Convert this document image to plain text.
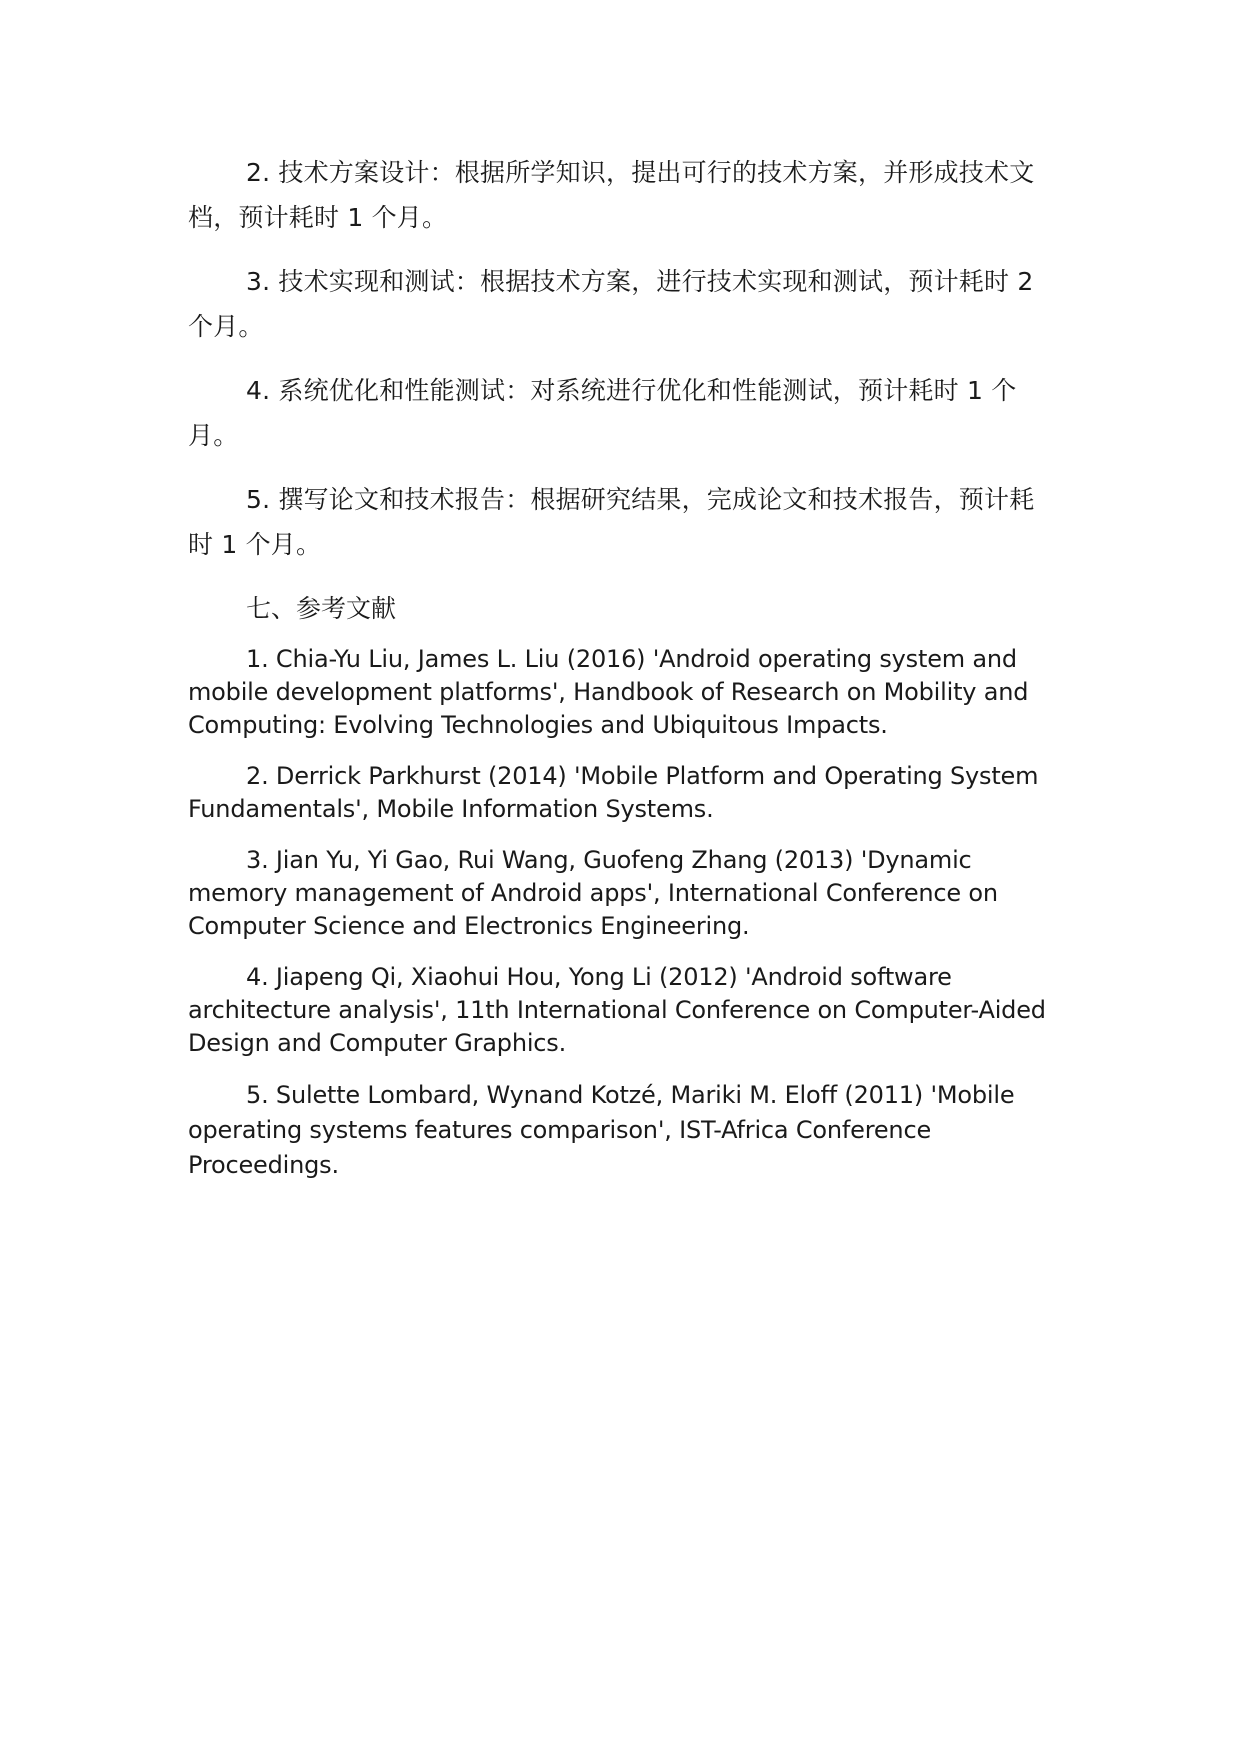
2. 技术方案设计：根据所学知识，提出可行的技术方案，并形成技术文档，预计耗时 1 个月。

3. 技术实现和测试：根据技术方案，进行技术实现和测试，预计耗时 2 个月。

4. 系统优化和性能测试：对系统进行优化和性能测试，预计耗时 1 个月。

5. 撰写论文和技术报告：根据研究结果，完成论文和技术报告，预计耗时 1 个月。

七、参考文献

1. Chia-Yu Liu, James L. Liu (2016) 'Android operating system and mobile development platforms', Handbook of Research on Mobility and Computing: Evolving Technologies and Ubiquitous Impacts.

2. Derrick Parkhurst (2014) 'Mobile Platform and Operating System Fundamentals', Mobile Information Systems.

3. Jian Yu, Yi Gao, Rui Wang, Guofeng Zhang (2013) 'Dynamic memory management of Android apps', International Conference on Computer Science and Electronics Engineering.

4. Jiapeng Qi, Xiaohui Hou, Yong Li (2012) 'Android software architecture analysis', 11th International Conference on Computer-Aided Design and Computer Graphics.

5. Sulette Lombard, Wynand Kotzé, Mariki M. Eloff (2011) 'Mobile operating systems features comparison', IST-Africa Conference Proceedings.
